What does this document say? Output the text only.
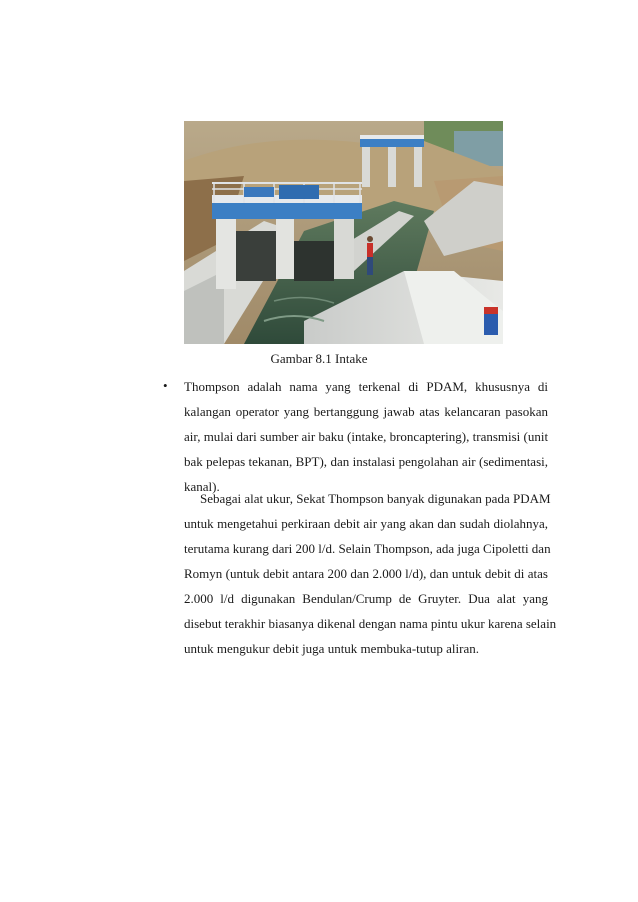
Gambar 8.1 Intake
• Thompson adalah nama yang terkenal di PDAM, khususnya di
kalangan operator yang bertanggung jawab atas kelancaran pasokan
air, mulai dari sumber air baku (intake, broncaptering), transmisi (unit
bak pelepas tekanan, BPT), dan instalasi pengolahan air (sedimentasi,
kanal).
Sebagai alat ukur, Sekat Thompson banyak digunakan pada PDAM
untuk mengetahui perkiraan debit air yang akan dan sudah diolahnya,
terutama kurang dari 200 l/d. Selain Thompson, ada juga Cipoletti dan
Romyn (untuk debit antara 200 dan 2.000 l/d), dan untuk debit di atas
2.000 l/d digunakan Bendulan/Crump de Gruyter. Dua alat yang
disebut terakhir biasanya dikenal dengan nama pintu ukur karena selain
untuk mengukur debit juga untuk membuka-tutup aliran.
